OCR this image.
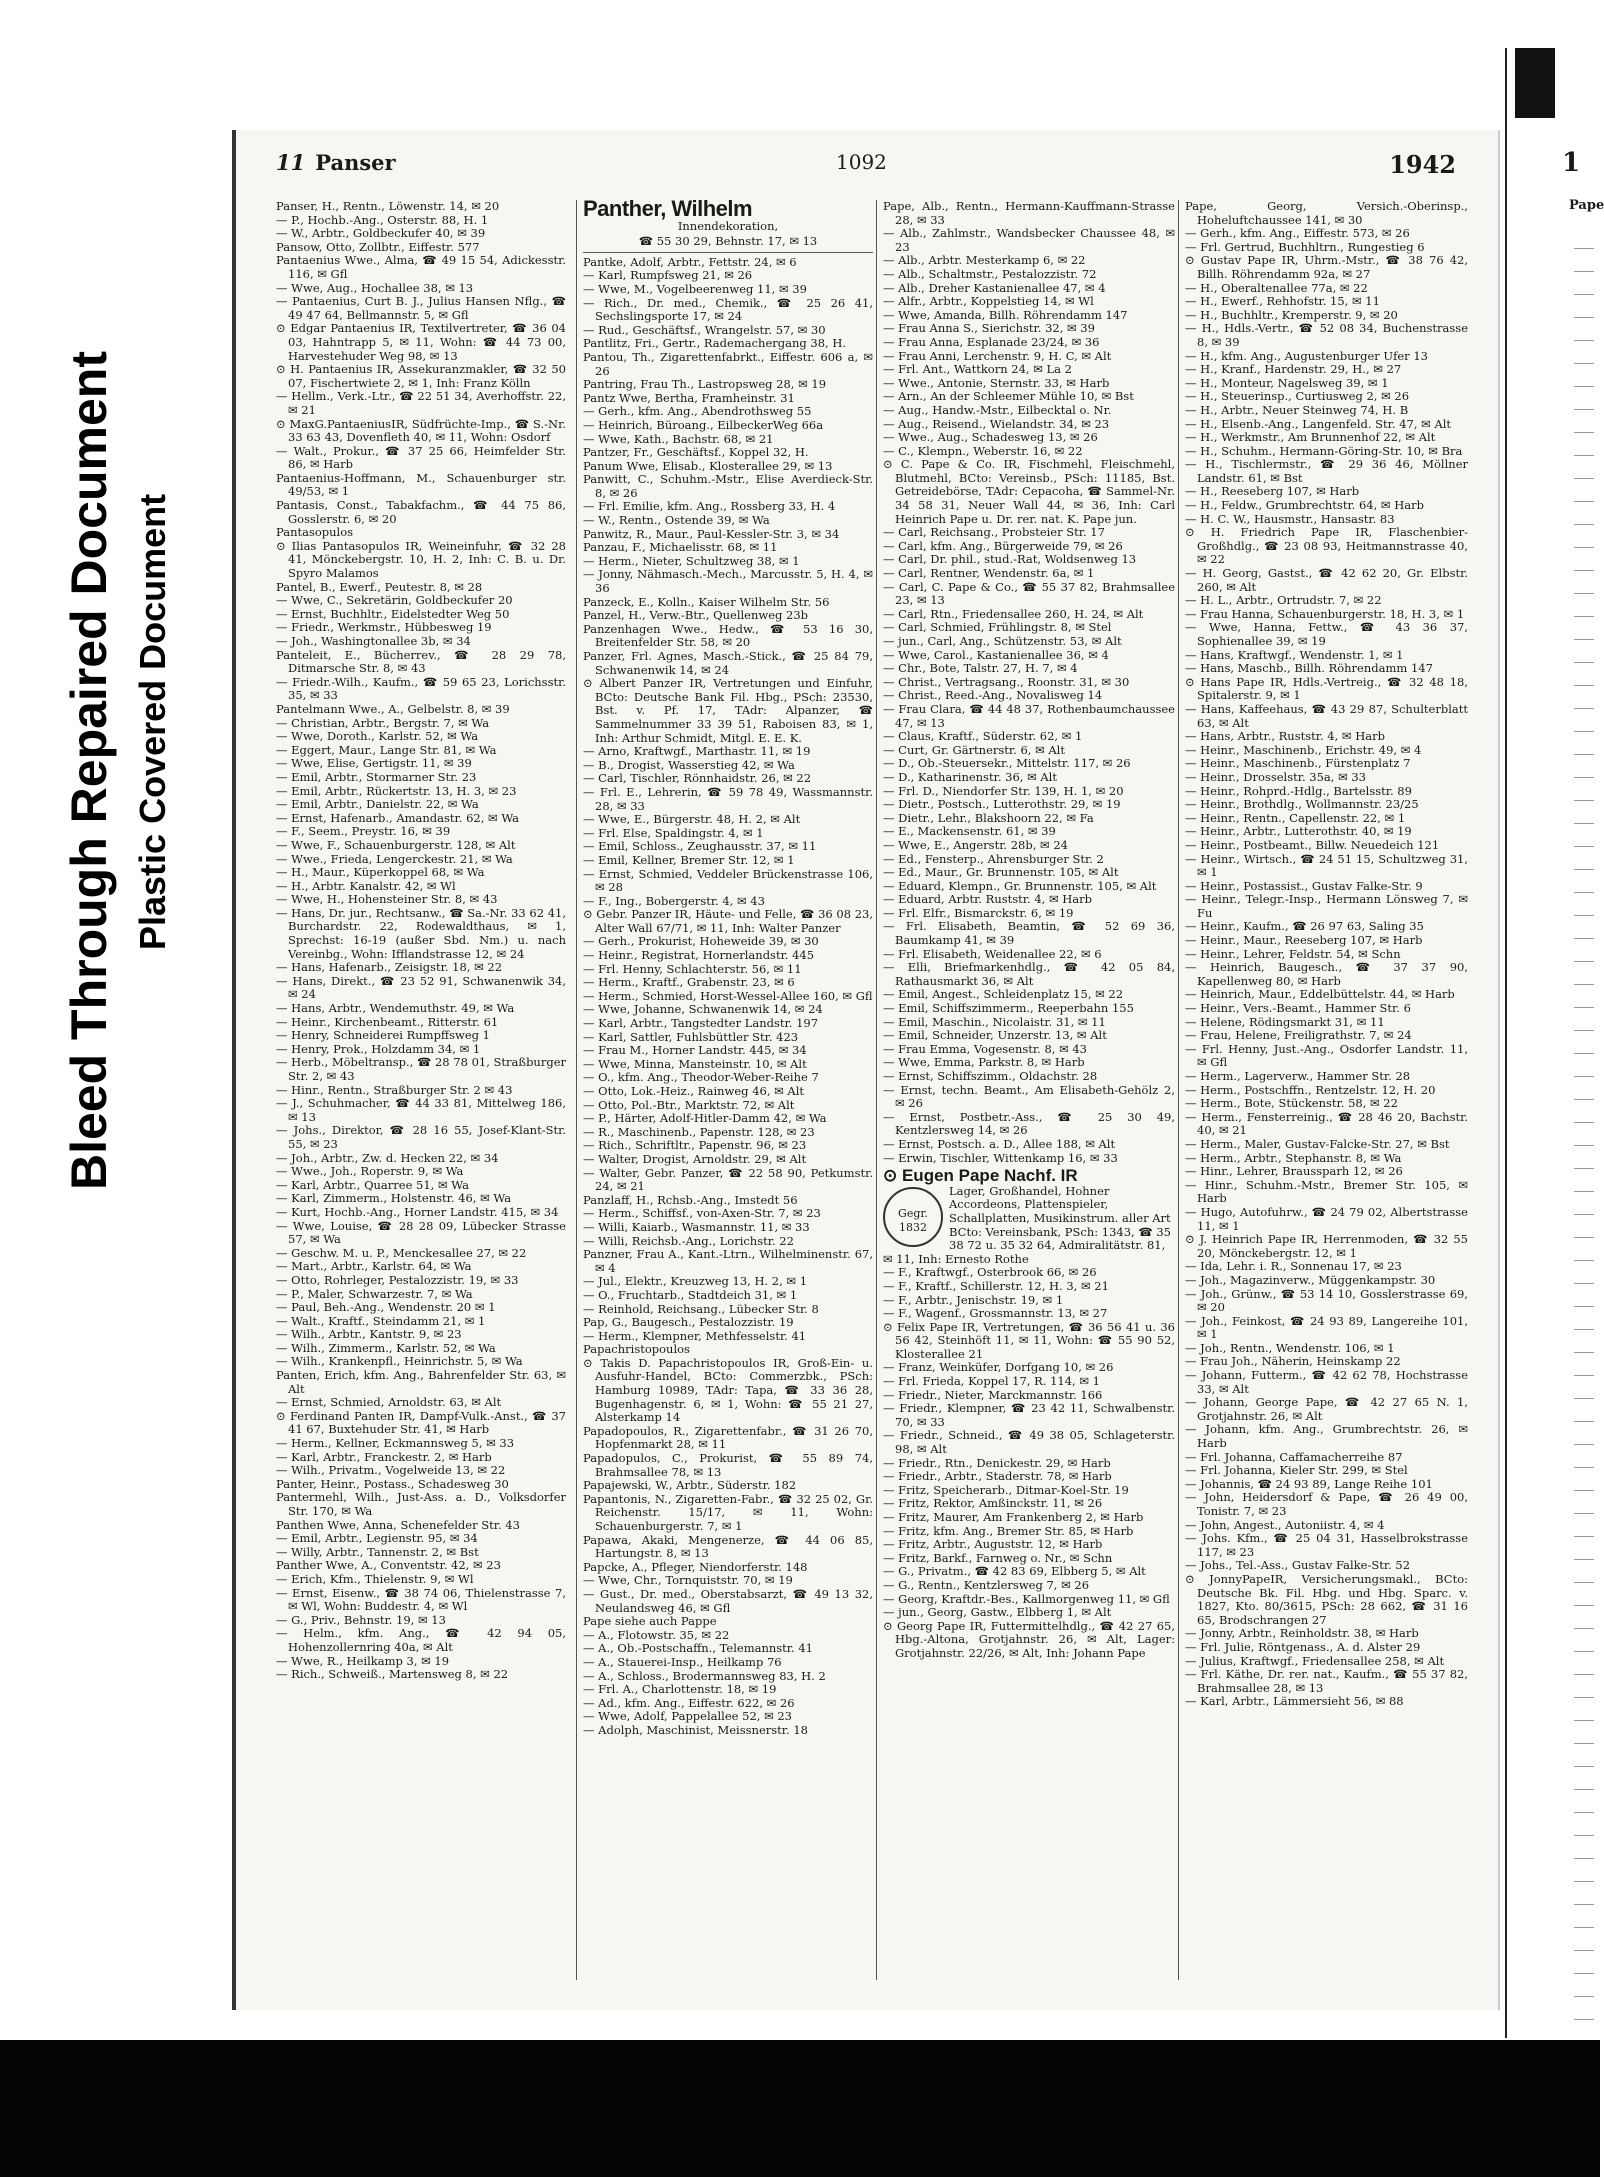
Bleed Through Repaired Document Plastic Covered Document
11 Panser	1092	1942

Panser, H., Rentn., Löwenstr. 14, ✉ 20

— P., Hochb.-Ang., Osterstr. 88, H. 1

— W., Arbtr., Goldbeckufer 40, ✉ 39

Pansow, Otto, Zollbtr., Eiffestr. 577

Pantaenius Wwe., Alma, ☎ 49 15 54, Adickesstr. 116, ✉ Gfl

— Wwe, Aug., Hochallee 38, ✉ 13

— Pantaenius, Curt B. J., Julius Hansen Nflg., ☎ 49 47 64, Bellmannstr. 5, ✉ Gfl

⊙ Edgar Pantaenius IR, Textilvertreter, ☎ 36 04 03, Hahntrapp 5, ✉ 11, Wohn: ☎ 44 73 00, Harvestehuder Weg 98, ✉ 13

⊙ H. Pantaenius IR, Assekuranzmakler, ☎ 32 50 07, Fischertwiete 2, ✉ 1, Inh: Franz Kölln

— Hellm., Verk.-Ltr., ☎ 22 51 34, Averhoffstr. 22, ✉ 21

⊙ MaxG.PantaeniusIR, Südfrüchte-Imp., ☎ S.-Nr. 33 63 43, Dovenfleth 40, ✉ 11, Wohn: Osdorf

— Walt., Prokur., ☎ 37 25 66, Heimfelder Str. 86, ✉ Harb

Pantaenius-Hoffmann, M., Schauenburger str. 49/53, ✉ 1

Pantasis, Const., Tabakfachm., ☎ 44 75 86, Gosslerstr. 6, ✉ 20

Pantasopulos

⊙ Ilias Pantasopulos IR, Weineinfuhr, ☎ 32 28 41, Mönckebergstr. 10, H. 2, Inh: C. B. u. Dr. Spyro Malamos

Pantel, B., Ewerf., Peutestr. 8, ✉ 28

— Wwe, C., Sekretärin, Goldbeckufer 20

— Ernst, Buchhltr., Eidelstedter Weg 50

— Friedr., Werkmstr., Hübbesweg 19

— Joh., Washingtonallee 3b, ✉ 34

Panteleit, E., Bücherrev., ☎ 28 29 78, Ditmarsche Str. 8, ✉ 43

— Friedr.-Wilh., Kaufm., ☎ 59 65 23, Lorichsstr. 35, ✉ 33

Pantelmann Wwe., A., Gelbelstr. 8, ✉ 39

— Christian, Arbtr., Bergstr. 7, ✉ Wa

— Wwe, Doroth., Karlstr. 52, ✉ Wa

— Eggert, Maur., Lange Str. 81, ✉ Wa

— Wwe, Elise, Gertigstr. 11, ✉ 39

— Emil, Arbtr., Stormarner Str. 23

— Emil, Arbtr., Rückertstr. 13, H. 3, ✉ 23

— Emil, Arbtr., Danielstr. 22, ✉ Wa

— Ernst, Hafenarb., Amandastr. 62, ✉ Wa

— F., Seem., Preystr. 16, ✉ 39

— Wwe, F., Schauenburgerstr. 128, ✉ Alt

— Wwe., Frieda, Lengerckestr. 21, ✉ Wa

— H., Maur., Küperkoppel 68, ✉ Wa

— H., Arbtr. Kanalstr. 42, ✉ Wl

— Wwe, H., Hohensteiner Str. 8, ✉ 43

— Hans, Dr. jur., Rechtsanw., ☎ Sa.-Nr. 33 62 41, Burchardstr. 22, Rodewaldthaus, ✉ 1, Sprechst: 16-19 (außer Sbd. Nm.) u. nach Vereinbg., Wohn: Ifflandstrasse 12, ✉ 24

— Hans, Hafenarb., Zeisigstr. 18, ✉ 22

— Hans, Direkt., ☎ 23 52 91, Schwanenwik 34, ✉ 24

— Hans, Arbtr., Wendemuthstr. 49, ✉ Wa

— Heinr., Kirchenbeamt., Ritterstr. 61

— Henry, Schneiderei Rumpffsweg 1

— Henry, Prok., Holzdamm 34, ✉ 1

— Herb., Möbeltransp., ☎ 28 78 01, Straßburger Str. 2, ✉ 43

— Hinr., Rentn., Straßburger Str. 2 ✉ 43

— J., Schuhmacher, ☎ 44 33 81, Mittelweg 186, ✉ 13

— Johs., Direktor, ☎ 28 16 55, Josef-Klant-Str. 55, ✉ 23

— Joh., Arbtr., Zw. d. Hecken 22, ✉ 34

— Wwe., Joh., Roperstr. 9, ✉ Wa

— Karl, Arbtr., Quarree 51, ✉ Wa

— Karl, Zimmerm., Holstenstr. 46, ✉ Wa

— Kurt, Hochb.-Ang., Horner Landstr. 415, ✉ 34

— Wwe, Louise, ☎ 28 28 09, Lübecker Strasse 57, ✉ Wa

— Geschw. M. u. P., Menckesallee 27, ✉ 22

— Mart., Arbtr., Karlstr. 64, ✉ Wa

— Otto, Rohrleger, Pestalozzistr. 19, ✉ 33

— P., Maler, Schwarzestr. 7, ✉ Wa

— Paul, Beh.-Ang., Wendenstr. 20 ✉ 1

— Walt., Kraftf., Steindamm 21, ✉ 1

— Wilh., Arbtr., Kantstr. 9, ✉ 23

— Wilh., Zimmerm., Karlstr. 52, ✉ Wa

— Wilh., Krankenpfl., Heinrichstr. 5, ✉ Wa

Panten, Erich, kfm. Ang., Bahrenfelder Str. 63, ✉ Alt

— Ernst, Schmied, Arnoldstr. 63, ✉ Alt

⊙ Ferdinand Panten IR, Dampf-Vulk.-Anst., ☎ 37 41 67, Buxtehuder Str. 41, ✉ Harb

— Herm., Kellner, Eckmannsweg 5, ✉ 33

— Karl, Arbtr., Franckestr. 2, ✉ Harb

— Wilh., Privatm., Vogelweide 13, ✉ 22

Panter, Heinr., Postass., Schadesweg 30

Pantermehl, Wilh., Just-Ass. a. D., Volksdorfer Str. 170, ✉ Wa

Panthen Wwe, Anna, Schenefelder Str. 43

— Emil, Arbtr., Legienstr. 95, ✉ 34

— Willy, Arbtr., Tannenstr. 2, ✉ Bst

Panther Wwe, A., Conventstr. 42, ✉ 23

— Erich, Kfm., Thielenstr. 9, ✉ Wl

— Ernst, Eisenw., ☎ 38 74 06, Thielenstrasse 7, ✉ Wl, Wohn: Buddestr. 4, ✉ Wl

— G., Priv., Behnstr. 19, ✉ 13

— Helm., kfm. Ang., ☎ 42 94 05, Hohenzollernring 40a, ✉ Alt

— Wwe, R., Heilkamp 3, ✉ 19

— Rich., Schweiß., Martensweg 8, ✉ 22

Panther, Wilhelm
Innendekoration,
☎ 55 30 29, Behnstr. 17, ✉ 13

Pantke, Adolf, Arbtr., Fettstr. 24, ✉ 6

— Karl, Rumpfsweg 21, ✉ 26

— Wwe, M., Vogelbeerenweg 11, ✉ 39

— Rich., Dr. med., Chemik., ☎ 25 26 41, Sechslingsporte 17, ✉ 24

— Rud., Geschäftsf., Wrangelstr. 57, ✉ 30

Pantlitz, Fri., Gertr., Rademachergang 38, H.

Pantou, Th., Zigarettenfabrkt., Eiffestr. 606 a, ✉ 26

Pantring, Frau Th., Lastropsweg 28, ✉ 19

Pantz Wwe, Bertha, Framheinstr. 31

— Gerh., kfm. Ang., Abendrothsweg 55

— Heinrich, Büroang., EilbeckerWeg 66a

— Wwe, Kath., Bachstr. 68, ✉ 21

Pantzer, Fr., Geschäftsf., Koppel 32, H.

Panum Wwe, Elisab., Klosterallee 29, ✉ 13

Panwitt, C., Schuhm.-Mstr., Elise Averdieck-Str. 8, ✉ 26

— Frl. Emilie, kfm. Ang., Rossberg 33, H. 4

— W., Rentn., Ostende 39, ✉ Wa

Panwitz, R., Maur., Paul-Kessler-Str. 3, ✉ 34

Panzau, F., Michaelisstr. 68, ✉ 11

— Herm., Nieter, Schultzweg 38, ✉ 1

— Jonny, Nähmasch.-Mech., Marcusstr. 5, H. 4, ✉ 36

Panzeck, E., Kolln., Kaiser Wilhelm Str. 56

Panzel, H., Verw.-Btr., Quellenweg 23b

Panzenhagen Wwe., Hedw., ☎ 53 16 30, Breitenfelder Str. 58, ✉ 20

Panzer, Frl. Agnes, Masch.-Stick., ☎ 25 84 79, Schwanenwik 14, ✉ 24

⊙ Albert Panzer IR, Vertretungen und Einfuhr, BCto: Deutsche Bank Fil. Hbg., PSch: 23530, Bst. v. Pf. 17, TAdr: Alpanzer, ☎ Sammelnummer 33 39 51, Raboisen 83, ✉ 1, Inh: Arthur Schmidt, Mitgl. E. E. K.

— Arno, Kraftwgf., Marthastr. 11, ✉ 19

— B., Drogist, Wasserstieg 42, ✉ Wa

— Carl, Tischler, Rönnhaidstr. 26, ✉ 22

— Frl. E., Lehrerin, ☎ 59 78 49, Wassmannstr. 28, ✉ 33

— Wwe, E., Bürgerstr. 48, H. 2, ✉ Alt

— Frl. Else, Spaldingstr. 4, ✉ 1

— Emil, Schloss., Zeughausstr. 37, ✉ 11

— Emil, Kellner, Bremer Str. 12, ✉ 1

— Ernst, Schmied, Veddeler Brückenstrasse 106, ✉ 28

— F., Ing., Bobergerstr. 4, ✉ 43

⊙ Gebr. Panzer IR, Häute- und Felle, ☎ 36 08 23, Alter Wall 67/71, ✉ 11, Inh: Walter Panzer

— Gerh., Prokurist, Hoheweide 39, ✉ 30

— Heinr., Registrat, Hornerlandstr. 445

— Frl. Henny, Schlachterstr. 56, ✉ 11

— Herm., Kraftf., Grabenstr. 23, ✉ 6

— Herm., Schmied, Horst-Wessel-Allee 160, ✉ Gfl

— Wwe, Johanne, Schwanenwik 14, ✉ 24

— Karl, Arbtr., Tangstedter Landstr. 197

— Karl, Sattler, Fuhlsbüttler Str. 423

— Frau M., Horner Landstr. 445, ✉ 34

— Wwe, Minna, Mansteinstr. 10, ✉ Alt

— O., kfm. Ang., Theodor-Weber-Reihe 7

— Otto, Lok.-Heiz., Rainweg 46, ✉ Alt

— Otto, Pol.-Btr., Marktstr. 72, ✉ Alt

— P., Härter, Adolf-Hitler-Damm 42, ✉ Wa

— R., Maschinenb., Papenstr. 128, ✉ 23

— Rich., Schriftltr., Papenstr. 96, ✉ 23

— Walter, Drogist, Arnoldstr. 29, ✉ Alt

— Walter, Gebr. Panzer, ☎ 22 58 90, Petkumstr. 24, ✉ 21

Panzlaff, H., Rchsb.-Ang., Imstedt 56

— Herm., Schiffsf., von-Axen-Str. 7, ✉ 23

— Willi, Kaiarb., Wasmannstr. 11, ✉ 33

— Willi, Reichsb.-Ang., Lorichstr. 22

Panzner, Frau A., Kant.-Ltrn., Wilhelminenstr. 67, ✉ 4

— Jul., Elektr., Kreuzweg 13, H. 2, ✉ 1

— O., Fruchtarb., Stadtdeich 31, ✉ 1

— Reinhold, Reichsang., Lübecker Str. 8

Pap, G., Baugesch., Pestalozzistr. 19

— Herm., Klempner, Methfesselstr. 41

Papachristopoulos

⊙ Takis D. Papachristopoulos IR, Groß-Ein- u. Ausfuhr-Handel, BCto: Commerzbk., PSch: Hamburg 10989, TAdr: Tapa, ☎ 33 36 28, Bugenhagenstr. 6, ✉ 1, Wohn: ☎ 55 21 27, Alsterkamp 14

Papadopoulos, R., Zigarettenfabr., ☎ 31 26 70, Hopfenmarkt 28, ✉ 11

Papadopulos, C., Prokurist, ☎ 55 89 74, Brahmsallee 78, ✉ 13

Papajewski, W., Arbtr., Süderstr. 182

Papantonis, N., Zigaretten-Fabr., ☎ 32 25 02, Gr. Reichenstr. 15/17, ✉ 11, Wohn: Schauenburgerstr. 7, ✉ 1

Papawa, Akaki, Mengenerze, ☎ 44 06 85, Hartungstr. 8, ✉ 13

Papcke, A., Pfleger, Niendorferstr. 148

— Wwe, Chr., Tornquiststr. 70, ✉ 19

— Gust., Dr. med., Oberstabsarzt, ☎ 49 13 32, Neulandsweg 46, ✉ Gfl

Pape siehe auch Pappe

— A., Flotowstr. 35, ✉ 22

— A., Ob.-Postschaffn., Telemannstr. 41

— A., Stauerei-Insp., Heilkamp 76

— A., Schloss., Brodermannsweg 83, H. 2

— Frl. A., Charlottenstr. 18, ✉ 19

— Ad., kfm. Ang., Eiffestr. 622, ✉ 26

— Wwe, Adolf, Pappelallee 52, ✉ 23

— Adolph, Maschinist, Meissnerstr. 18

Pape, Alb., Rentn., Hermann-Kauffmann-Strasse 28, ✉ 33

— Alb., Zahlmstr., Wandsbecker Chaussee 48, ✉ 23

— Alb., Arbtr. Mesterkamp 6, ✉ 22

— Alb., Schaltmstr., Pestalozzistr. 72

— Alb., Dreher Kastanienallee 47, ✉ 4

— Alfr., Arbtr., Koppelstieg 14, ✉ Wl

— Wwe, Amanda, Billh. Röhrendamm 147

— Frau Anna S., Sierichstr. 32, ✉ 39

— Frau Anna, Esplanade 23/24, ✉ 36

— Frau Anni, Lerchenstr. 9, H. C, ✉ Alt

— Frl. Ant., Wattkorn 24, ✉ La 2

— Wwe., Antonie, Sternstr. 33, ✉ Harb

— Arn., An der Schleemer Mühle 10, ✉ Bst

— Aug., Handw.-Mstr., Eilbecktal o. Nr.

— Aug., Reisend., Wielandstr. 34, ✉ 23

— Wwe., Aug., Schadesweg 13, ✉ 26

— C., Klempn., Weberstr. 16, ✉ 22

⊙ C. Pape & Co. IR, Fischmehl, Fleischmehl, Blutmehl, BCto: Vereinsb., PSch: 11185, Bst. Getreidebörse, TAdr: Cepacoha, ☎ Sammel-Nr. 34 58 31, Neuer Wall 44, ✉ 36, Inh: Carl Heinrich Pape u. Dr. rer. nat. K. Pape jun.

— Carl, Reichsang., Probsteier Str. 17

— Carl, kfm. Ang., Bürgerweide 79, ✉ 26

— Carl, Dr. phil., stud.-Rat, Woldsenweg 13

— Carl, Rentner, Wendenstr. 6a, ✉ 1

— Carl, C. Pape & Co., ☎ 55 37 82, Brahmsallee 23, ✉ 13

— Carl, Rtn., Friedensallee 260, H. 24, ✉ Alt

— Carl, Schmied, Frühlingstr. 8, ✉ Stel

— jun., Carl, Ang., Schützenstr. 53, ✉ Alt

— Wwe, Carol., Kastanienallee 36, ✉ 4

— Chr., Bote, Talstr. 27, H. 7, ✉ 4

— Christ., Vertragsang., Roonstr. 31, ✉ 30

— Christ., Reed.-Ang., Novalisweg 14

— Frau Clara, ☎ 44 48 37, Rothenbaumchaussee 47, ✉ 13

— Claus, Kraftf., Süderstr. 62, ✉ 1

— Curt, Gr. Gärtnerstr. 6, ✉ Alt

— D., Ob.-Steuersekr., Mittelstr. 117, ✉ 26

— D., Katharinenstr. 36, ✉ Alt

— Frl. D., Niendorfer Str. 139, H. 1, ✉ 20

— Dietr., Postsch., Lutterothstr. 29, ✉ 19

— Dietr., Lehr., Blakshoorn 22, ✉ Fa

— E., Mackensenstr. 61, ✉ 39

— Wwe, E., Angerstr. 28b, ✉ 24

— Ed., Fensterp., Ahrensburger Str. 2

— Ed., Maur., Gr. Brunnenstr. 105, ✉ Alt

— Eduard, Klempn., Gr. Brunnenstr. 105, ✉ Alt

— Eduard, Arbtr. Ruststr. 4, ✉ Harb

— Frl. Elfr., Bismarckstr. 6, ✉ 19

— Frl. Elisabeth, Beamtin, ☎ 52 69 36, Baumkamp 41, ✉ 39

— Frl. Elisabeth, Weidenallee 22, ✉ 6

— Elli, Briefmarkenhdlg., ☎ 42 05 84, Rathausmarkt 36, ✉ Alt

— Emil, Angest., Schleidenplatz 15, ✉ 22

— Emil, Schiffszimmerm., Reeperbahn 155

— Emil, Maschin., Nicolaistr. 31, ✉ 11

— Emil, Schneider, Unzerstr. 13, ✉ Alt

— Frau Emma, Vogesenstr. 8, ✉ 43

— Wwe, Emma, Parkstr. 8, ✉ Harb

— Ernst, Schiffszimm., Oldachstr. 28

— Ernst, techn. Beamt., Am Elisabeth-Gehölz 2, ✉ 26

— Ernst, Postbetr.-Ass., ☎ 25 30 49, Kentzlersweg 14, ✉ 26

— Ernst, Postsch. a. D., Allee 188, ✉ Alt

— Erwin, Tischler, Wittenkamp 16, ✉ 33

⊙ Eugen Pape Nachf. IR
Gegr. 1832
Lager, Großhandel, Hohner Accordeons, Plattenspieler, Schallplatten, Musikinstrum. aller Art BCto: Vereinsbank, PSch: 1343, ☎ 35 38 72 u. 35 32 64, Admiralitätstr. 81, ✉ 11, Inh: Ernesto Rothe

— F., Kraftwgf., Osterbrook 66, ✉ 26

— F., Kraftf., Schillerstr. 12, H. 3, ✉ 21

— F., Arbtr., Jenischstr. 19, ✉ 1

— F., Wagenf., Grossmannstr. 13, ✉ 27

⊙ Felix Pape IR, Vertretungen, ☎ 36 56 41 u. 36 56 42, Steinhöft 11, ✉ 11, Wohn: ☎ 55 90 52, Klosterallee 21

— Franz, Weinküfer, Dorfgang 10, ✉ 26

— Frl. Frieda, Koppel 17, R. 114, ✉ 1

— Friedr., Nieter, Marckmannstr. 166

— Friedr., Klempner, ☎ 23 42 11, Schwalbenstr. 70, ✉ 33

— Friedr., Schneid., ☎ 49 38 05, Schlageterstr. 98, ✉ Alt

— Friedr., Rtn., Denickestr. 29, ✉ Harb

— Friedr., Arbtr., Staderstr. 78, ✉ Harb

— Fritz, Speicherarb., Ditmar-Koel-Str. 19

— Fritz, Rektor, Amßinckstr. 11, ✉ 26

— Fritz, Maurer, Am Frankenberg 2, ✉ Harb

— Fritz, kfm. Ang., Bremer Str. 85, ✉ Harb

— Fritz, Arbtr., Auguststr. 12, ✉ Harb

— Fritz, Barkf., Farnweg o. Nr., ✉ Schn

— G., Privatm., ☎ 42 83 69, Elbberg 5, ✉ Alt

— G., Rentn., Kentzlersweg 7, ✉ 26

— Georg, Kraftdr.-Bes., Kallmorgenweg 11, ✉ Gfl

— jun., Georg, Gastw., Elbberg 1, ✉ Alt

⊙ Georg Pape IR, Futtermittelhdlg., ☎ 42 27 65, Hbg.-Altona, Grotjahnstr. 26, ✉ Alt, Lager: Grotjahnstr. 22/26, ✉ Alt, Inh: Johann Pape

Pape, Georg, Versich.-Oberinsp., Hoheluftchaussee 141, ✉ 30

— Gerh., kfm. Ang., Eiffestr. 573, ✉ 26

— Frl. Gertrud, Buchhltrn., Rungestieg 6

⊙ Gustav Pape IR, Uhrm.-Mstr., ☎ 38 76 42, Billh. Röhrendamm 92a, ✉ 27

— H., Oberaltenallee 77a, ✉ 22

— H., Ewerf., Rehhofstr. 15, ✉ 11

— H., Buchhltr., Kremperstr. 9, ✉ 20

— H., Hdls.-Vertr., ☎ 52 08 34, Buchenstrasse 8, ✉ 39

— H., kfm. Ang., Augustenburger Ufer 13

— H., Kranf., Hardenstr. 29, H., ✉ 27

— H., Monteur, Nagelsweg 39, ✉ 1

— H., Steuerinsp., Curtiusweg 2, ✉ 26

— H., Arbtr., Neuer Steinweg 74, H. B

— H., Elsenb.-Ang., Langenfeld. Str. 47, ✉ Alt

— H., Werkmstr., Am Brunnenhof 22, ✉ Alt

— H., Schuhm., Hermann-Göring-Str. 10, ✉ Bra

— H., Tischlermstr., ☎ 29 36 46, Möllner Landstr. 61, ✉ Bst

— H., Reeseberg 107, ✉ Harb

— H., Feldw., Grumbrechtstr. 64, ✉ Harb

— H. C. W., Hausmstr., Hansastr. 83

⊙ H. Friedrich Pape IR, Flaschenbier-Großhdlg., ☎ 23 08 93, Heitmannstrasse 40, ✉ 22

— H. Georg, Gastst., ☎ 42 62 20, Gr. Elbstr. 260, ✉ Alt

— H. L., Arbtr., Ortrudstr. 7, ✉ 22

— Frau Hanna, Schauenburgerstr. 18, H. 3, ✉ 1

— Wwe, Hanna, Fettw., ☎ 43 36 37, Sophienallee 39, ✉ 19

— Hans, Kraftwgf., Wendenstr. 1, ✉ 1

— Hans, Maschb., Billh. Röhrendamm 147

⊙ Hans Pape IR, Hdls.-Vertreig., ☎ 32 48 18, Spitalerstr. 9, ✉ 1

— Hans, Kaffeehaus, ☎ 43 29 87, Schulterblatt 63, ✉ Alt

— Hans, Arbtr., Ruststr. 4, ✉ Harb

— Heinr., Maschinenb., Erichstr. 49, ✉ 4

— Heinr., Maschinenb., Fürstenplatz 7

— Heinr., Drosselstr. 35a, ✉ 33

— Heinr., Rohprd.-Hdlg., Bartelsstr. 89

— Heinr., Brothdlg., Wollmannstr. 23/25

— Heinr., Rentn., Capellenstr. 22, ✉ 1

— Heinr., Arbtr., Lutterothstr. 40, ✉ 19

— Heinr., Postbeamt., Billw. Neuedeich 121

— Heinr., Wirtsch., ☎ 24 51 15, Schultzweg 31, ✉ 1

— Heinr., Postassist., Gustav Falke-Str. 9

— Heinr., Telegr.-Insp., Hermann Lönsweg 7, ✉ Fu

— Heinr., Kaufm., ☎ 26 97 63, Saling 35

— Heinr., Maur., Reeseberg 107, ✉ Harb

— Heinr., Lehrer, Feldstr. 54, ✉ Schn

— Heinrich, Baugesch., ☎ 37 37 90, Kapellenweg 80, ✉ Harb

— Heinrich, Maur., Eddelbüttelstr. 44, ✉ Harb

— Heinr., Vers.-Beamt., Hammer Str. 6

— Helene, Rödingsmarkt 31, ✉ 11

— Frau, Helene, Freiligrathstr. 7, ✉ 24

— Frl. Henny, Just.-Ang., Osdorfer Landstr. 11, ✉ Gfl

— Herm., Lagerverw., Hammer Str. 28

— Herm., Postschffn., Rentzelstr. 12, H. 20

— Herm., Bote, Stückenstr. 58, ✉ 22

— Herm., Fensterreinig., ☎ 28 46 20, Bachstr. 40, ✉ 21

— Herm., Maler, Gustav-Falcke-Str. 27, ✉ Bst

— Herm., Arbtr., Stephanstr. 8, ✉ Wa

— Hinr., Lehrer, Braussparh 12, ✉ 26

— Hinr., Schuhm.-Mstr., Bremer Str. 105, ✉ Harb

— Hugo, Autofuhrw., ☎ 24 79 02, Albertstrasse 11, ✉ 1

⊙ J. Heinrich Pape IR, Herrenmoden, ☎ 32 55 20, Mönckebergstr. 12, ✉ 1

— Ida, Lehr. i. R., Sonnenau 17, ✉ 23

— Joh., Magazinverw., Müggenkampstr. 30

— Joh., Grünw., ☎ 53 14 10, Gosslerstrasse 69, ✉ 20

— Joh., Feinkost, ☎ 24 93 89, Langereihe 101, ✉ 1

— Joh., Rentn., Wendenstr. 106, ✉ 1

— Frau Joh., Näherin, Heinskamp 22

— Johann, Futterm., ☎ 42 62 78, Hochstrasse 33, ✉ Alt

— Johann, George Pape, ☎ 42 27 65 N. 1, Grotjahnstr. 26, ✉ Alt

— Johann, kfm. Ang., Grumbrechtstr. 26, ✉ Harb

— Frl. Johanna, Caffamacherreihe 87

— Frl. Johanna, Kieler Str. 299, ✉ Stel

— Johannis, ☎ 24 93 89, Lange Reihe 101

— John, Heidersdorf & Pape, ☎ 26 49 00, Tonistr. 7, ✉ 23

— John, Angest., Autoniistr. 4, ✉ 4

— Johs. Kfm., ☎ 25 04 31, Hasselbrokstrasse 117, ✉ 23

— Johs., Tel.-Ass., Gustav Falke-Str. 52

⊙ JonnyPapeIR, Versicherungsmakl., BCto: Deutsche Bk. Fil. Hbg. und Hbg. Sparc. v. 1827, Kto. 80/3615, PSch: 28 662, ☎ 31 16 65, Brodschrangen 27

— Jonny, Arbtr., Reinholdstr. 38, ✉ Harb

— Frl. Julie, Röntgenass., A. d. Alster 29

— Julius, Kraftwgf., Friedensallee 258, ✉ Alt

— Frl. Käthe, Dr. rer. nat., Kaufm., ☎ 55 37 82, Brahmsallee 28, ✉ 13

— Karl, Arbtr., Lämmersieht 56, ✉ 88

1
Pape
